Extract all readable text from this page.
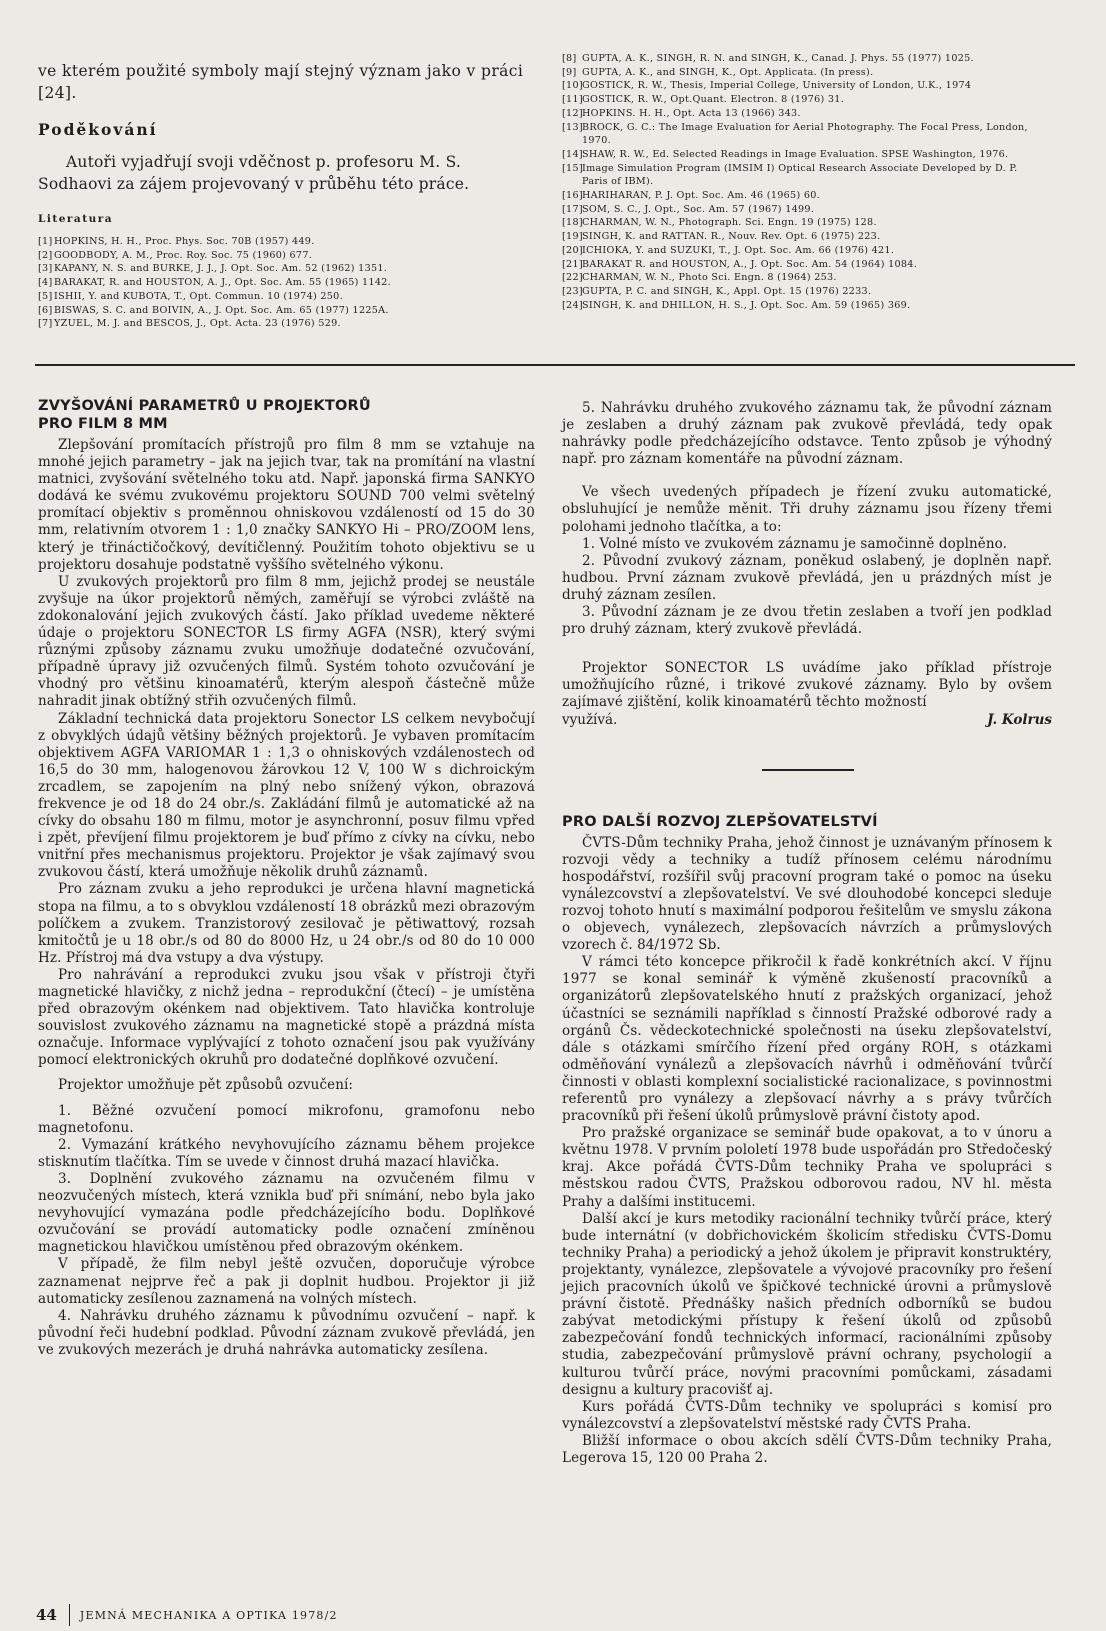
ve kterém použité symboly mají stejný význam jako v práci [24].

Poděkování

Autoři vyjadřují svoji vděčnost p. profesoru M. S. Sodhaovi za zájem projevovaný v průběhu této práce.

Literatura
[1] HOPKINS, H. H., Proc. Phys. Soc. 70B (1957) 449.
[2] GOODBODY, A. M., Proc. Roy. Soc. 75 (1960) 677.
[3] KAPANY, N. S. and BURKE, J. J., J. Opt. Soc. Am. 52 (1962) 1351.
[4] BARAKAT, R. and HOUSTON, A. J., Opt. Soc. Am. 55 (1965) 1142.
[5] ISHII, Y. and KUBOTA, T., Opt. Commun. 10 (1974) 250.
[6] BISWAS, S. C. and BOIVIN, A., J. Opt. Soc. Am. 65 (1977) 1225A.
[7] YZUEL, M. J. and BESCOS, J., Opt. Acta. 23 (1976) 529.
[8] GUPTA, A. K., SINGH, R. N. and SINGH, K., Canad. J. Phys. 55 (1977) 1025.
[9] GUPTA, A. K., and SINGH, K., Opt. Applicata. (In press).
[10] GOSTICK, R. W., Thesis, Imperial College, University of London, U.K., 1974
[11] GOSTICK, R. W., Opt.Quant. Electron. 8 (1976) 31.
[12] HOPKINS. H. H., Opt. Acta 13 (1966) 343.
[13] BROCK, G. C.: The Image Evaluation for Aerial Photography. The Focal Press, London, 1970.
[14] SHAW, R. W., Ed. Selected Readings in Image Evaluation. SPSE Washington, 1976.
[15] Image Simulation Program (IMSIM I) Optical Research Associate Developed by D. P. Paris of IBM).
[16] HARIHARAN, P. J. Opt. Soc. Am. 46 (1965) 60.
[17] SOM, S. C., J. Opt., Soc. Am. 57 (1967) 1499.
[18] CHARMAN, W. N., Photograph. Sci. Engn. 19 (1975) 128.
[19] SINGH, K. and RATTAN. R., Nouv. Rev. Opt. 6 (1975) 223.
[20] ICHIOKA, Y. and SUZUKI, T., J. Opt. Soc. Am. 66 (1976) 421.
[21] BARAKAT R. and HOUSTON, A., J. Opt. Soc. Am. 54 (1964) 1084.
[22] CHARMAN, W. N., Photo Sci. Engn. 8 (1964) 253.
[23] GUPTA, P. C. and SINGH, K., Appl. Opt. 15 (1976) 2233.
[24] SINGH, K. and DHILLON, H. S., J. Opt. Soc. Am. 59 (1965) 369.
ZVYŠOVÁNÍ PARAMETRŮ U PROJEKTORŮ
PRO FILM 8 MM

Zlepšování promítacích přístrojů pro film 8 mm se vztahuje na mnohé jejich parametry – jak na jejich tvar, tak na promítání na vlastní matnici, zvyšování světelného toku atd. Např. japonská firma SANKYO dodává ke svému zvukovému projektoru SOUND 700 velmi světelný promítací objektiv s proměnnou ohniskovou vzdáleností od 15 do 30 mm, relativním otvorem 1 : 1,0 značky SANKYO Hi – PRO/ZOOM lens, který je třináctičočkový, devítičlenný. Použitím tohoto objektivu se u projektoru dosahuje podstatně vyššího světelného výkonu.

U zvukových projektorů pro film 8 mm, jejichž prodej se neustále zvyšuje na úkor projektorů němých, zaměřují se výrobci zvláště na zdokonalování jejich zvukových částí. Jako příklad uvedeme některé údaje o projektoru SONECTOR LS firmy AGFA (NSR), který svými různými způsoby záznamu zvuku umožňuje dodatečné ozvučování, případně úpravy již ozvučených filmů. Systém tohoto ozvučování je vhodný pro většinu kinoamatérů, kterým alespoň částečně může nahradit jinak obtížný střih ozvučených filmů.

Základní technická data projektoru Sonector LS celkem nevybočují z obvyklých údajů většiny běžných projektorů. Je vybaven promítacím objektivem AGFA VARIOMAR 1 : 1,3 o ohniskových vzdálenostech od 16,5 do 30 mm, halogenovou žárovkou 12 V, 100 W s dichroickým zrcadlem, se zapojením na plný nebo snížený výkon, obrazová frekvence je od 18 do 24 obr./s. Zakládání filmů je automatické až na cívky do obsahu 180 m filmu, motor je asynchronní, posuv filmu vpřed i zpět, převíjení filmu projektorem je buď přímo z cívky na cívku, nebo vnitřní přes mechanismus projektoru. Projektor je však zajímavý svou zvukovou částí, která umožňuje několik druhů záznamů.

Pro záznam zvuku a jeho reprodukci je určena hlavní magnetická stopa na filmu, a to s obvyklou vzdáleností 18 obrázků mezi obrazovým políčkem a zvukem. Tranzistorový zesilovač je pětiwattový, rozsah kmitočtů je u 18 obr./s od 80 do 8000 Hz, u 24 obr./s od 80 do 10 000 Hz. Přístroj má dva vstupy a dva výstupy.

Pro nahrávání a reprodukci zvuku jsou však v přístroji čtyři magnetické hlavičky, z nichž jedna – reprodukční (čtecí) – je umístěna před obrazovým okénkem nad objektivem. Tato hlavička kontroluje souvislost zvukového záznamu na magnetické stopě a prázdná místa označuje. Informace vyplývající z tohoto označení jsou pak využívány pomocí elektronických okruhů pro dodatečné doplňkové ozvučení.

Projektor umožňuje pět způsobů ozvučení:

1. Běžné ozvučení pomocí mikrofonu, gramofonu nebo magnetofonu.

2. Vymazání krátkého nevyhovujícího záznamu během projekce stisknutím tlačítka. Tím se uvede v činnost druhá mazací hlavička.

3. Doplnění zvukového záznamu na ozvučeném filmu v neozvučených místech, která vznikla buď při snímání, nebo byla jako nevyhovující vymazána podle předcházejícího bodu. Doplňkové ozvučování se provádí automaticky podle označení zmíněnou magnetickou hlavičkou umístěnou před obrazovým okénkem.

V případě, že film nebyl ještě ozvučen, doporučuje výrobce zaznamenat nejprve řeč a pak ji doplnit hudbou. Projektor ji již automaticky zesílenou zaznamená na volných místech.

4. Nahrávku druhého záznamu k původnímu ozvučení – např. k původní řeči hudební podklad. Původní záznam zvukově převládá, jen ve zvukových mezerách je druhá nahrávka automaticky zesílena.

5. Nahrávku druhého zvukového záznamu tak, že původní záznam je zeslaben a druhý záznam pak zvukově převládá, tedy opak nahrávky podle předcházejícího odstavce. Tento způsob je výhodný např. pro záznam komentáře na původní záznam.

Ve všech uvedených případech je řízení zvuku automatické, obsluhující je nemůže měnit. Tři druhy záznamu jsou řízeny třemi polohami jednoho tlačítka, a to:

1. Volné místo ve zvukovém záznamu je samočinně doplněno.

2. Původní zvukový záznam, poněkud oslabený, je doplněn např. hudbou. První záznam zvukově převládá, jen u prázdných míst je druhý záznam zesílen.

3. Původní záznam je ze dvou třetin zeslaben a tvoří jen podklad pro druhý záznam, který zvukově převládá.

Projektor SONECTOR LS uvádíme jako příklad přístroje umožňujícího různé, i trikové zvukové záznamy. Bylo by ovšem zajímavé zjištění, kolik kinoamatérů těchto možností

využívá.	J. Kolrus
PRO DALŠÍ ROZVOJ ZLEPŠOVATELSTVÍ

ČVTS-Dům techniky Praha, jehož činnost je uznávaným přínosem k rozvoji vědy a techniky a tudíž přínosem celému národnímu hospodářství, rozšířil svůj pracovní program také o pomoc na úseku vynálezcovství a zlepšovatelství. Ve své dlouhodobé koncepci sleduje rozvoj tohoto hnutí s maximální podporou řešitelům ve smyslu zákona o objevech, vynálezech, zlepšovacích návrzích a průmyslových vzorech č. 84/1972 Sb.

V rámci této koncepce přikročil k řadě konkrétních akcí. V říjnu 1977 se konal seminář k výměně zkušeností pracovníků a organizátorů zlepšovatelského hnutí z pražských organizací, jehož účastníci se seznámili například s činností Pražské odborové rady a orgánů Čs. vědeckotechnické společnosti na úseku zlepšovatelství, dále s otázkami smírčího řízení před orgány ROH, s otázkami odměňování vynálezů a zlepšovacích návrhů i odměňování tvůrčí činnosti v oblasti komplexní socialistické racionalizace, s povinnostmi referentů pro vynálezy a zlepšovací návrhy a s právy tvůrčích pracovníků při řešení úkolů průmyslově právní čistoty apod.

Pro pražské organizace se seminář bude opakovat, a to v únoru a květnu 1978. V prvním pololetí 1978 bude uspořádán pro Středočeský kraj. Akce pořádá ČVTS-Dům techniky Praha ve spolupráci s městskou radou ČVTS, Pražskou odborovou radou, NV hl. města Prahy a dalšími institucemi.

Další akcí je kurs metodiky racionální techniky tvůrčí práce, který bude internátní (v dobřichovickém školicím středisku ČVTS-Domu techniky Praha) a periodický a jehož úkolem je připravit konstruktéry, projektanty, vynálezce, zlepšovatele a vývojové pracovníky pro řešení jejich pracovních úkolů ve špičkové technické úrovni a průmyslově právní čistotě. Přednášky našich předních odborníků se budou zabývat metodickými přístupy k řešení úkolů od způsobů zabezpečování fondů technických informací, racionálními způsoby studia, zabezpečování průmyslově právní ochrany, psychologií a kulturou tvůrčí práce, novými pracovními pomůckami, zásadami designu a kultury pracovišť aj.

Kurs pořádá ČVTS-Dům techniky ve spolupráci s komisí pro vynálezcovství a zlepšovatelství městské rady ČVTS Praha.

Bližší informace o obou akcích sdělí ČVTS-Dům techniky Praha, Legerova 15, 120 00 Praha 2.

44 JEMNÁ MECHANIKA A OPTIKA 1978/2
